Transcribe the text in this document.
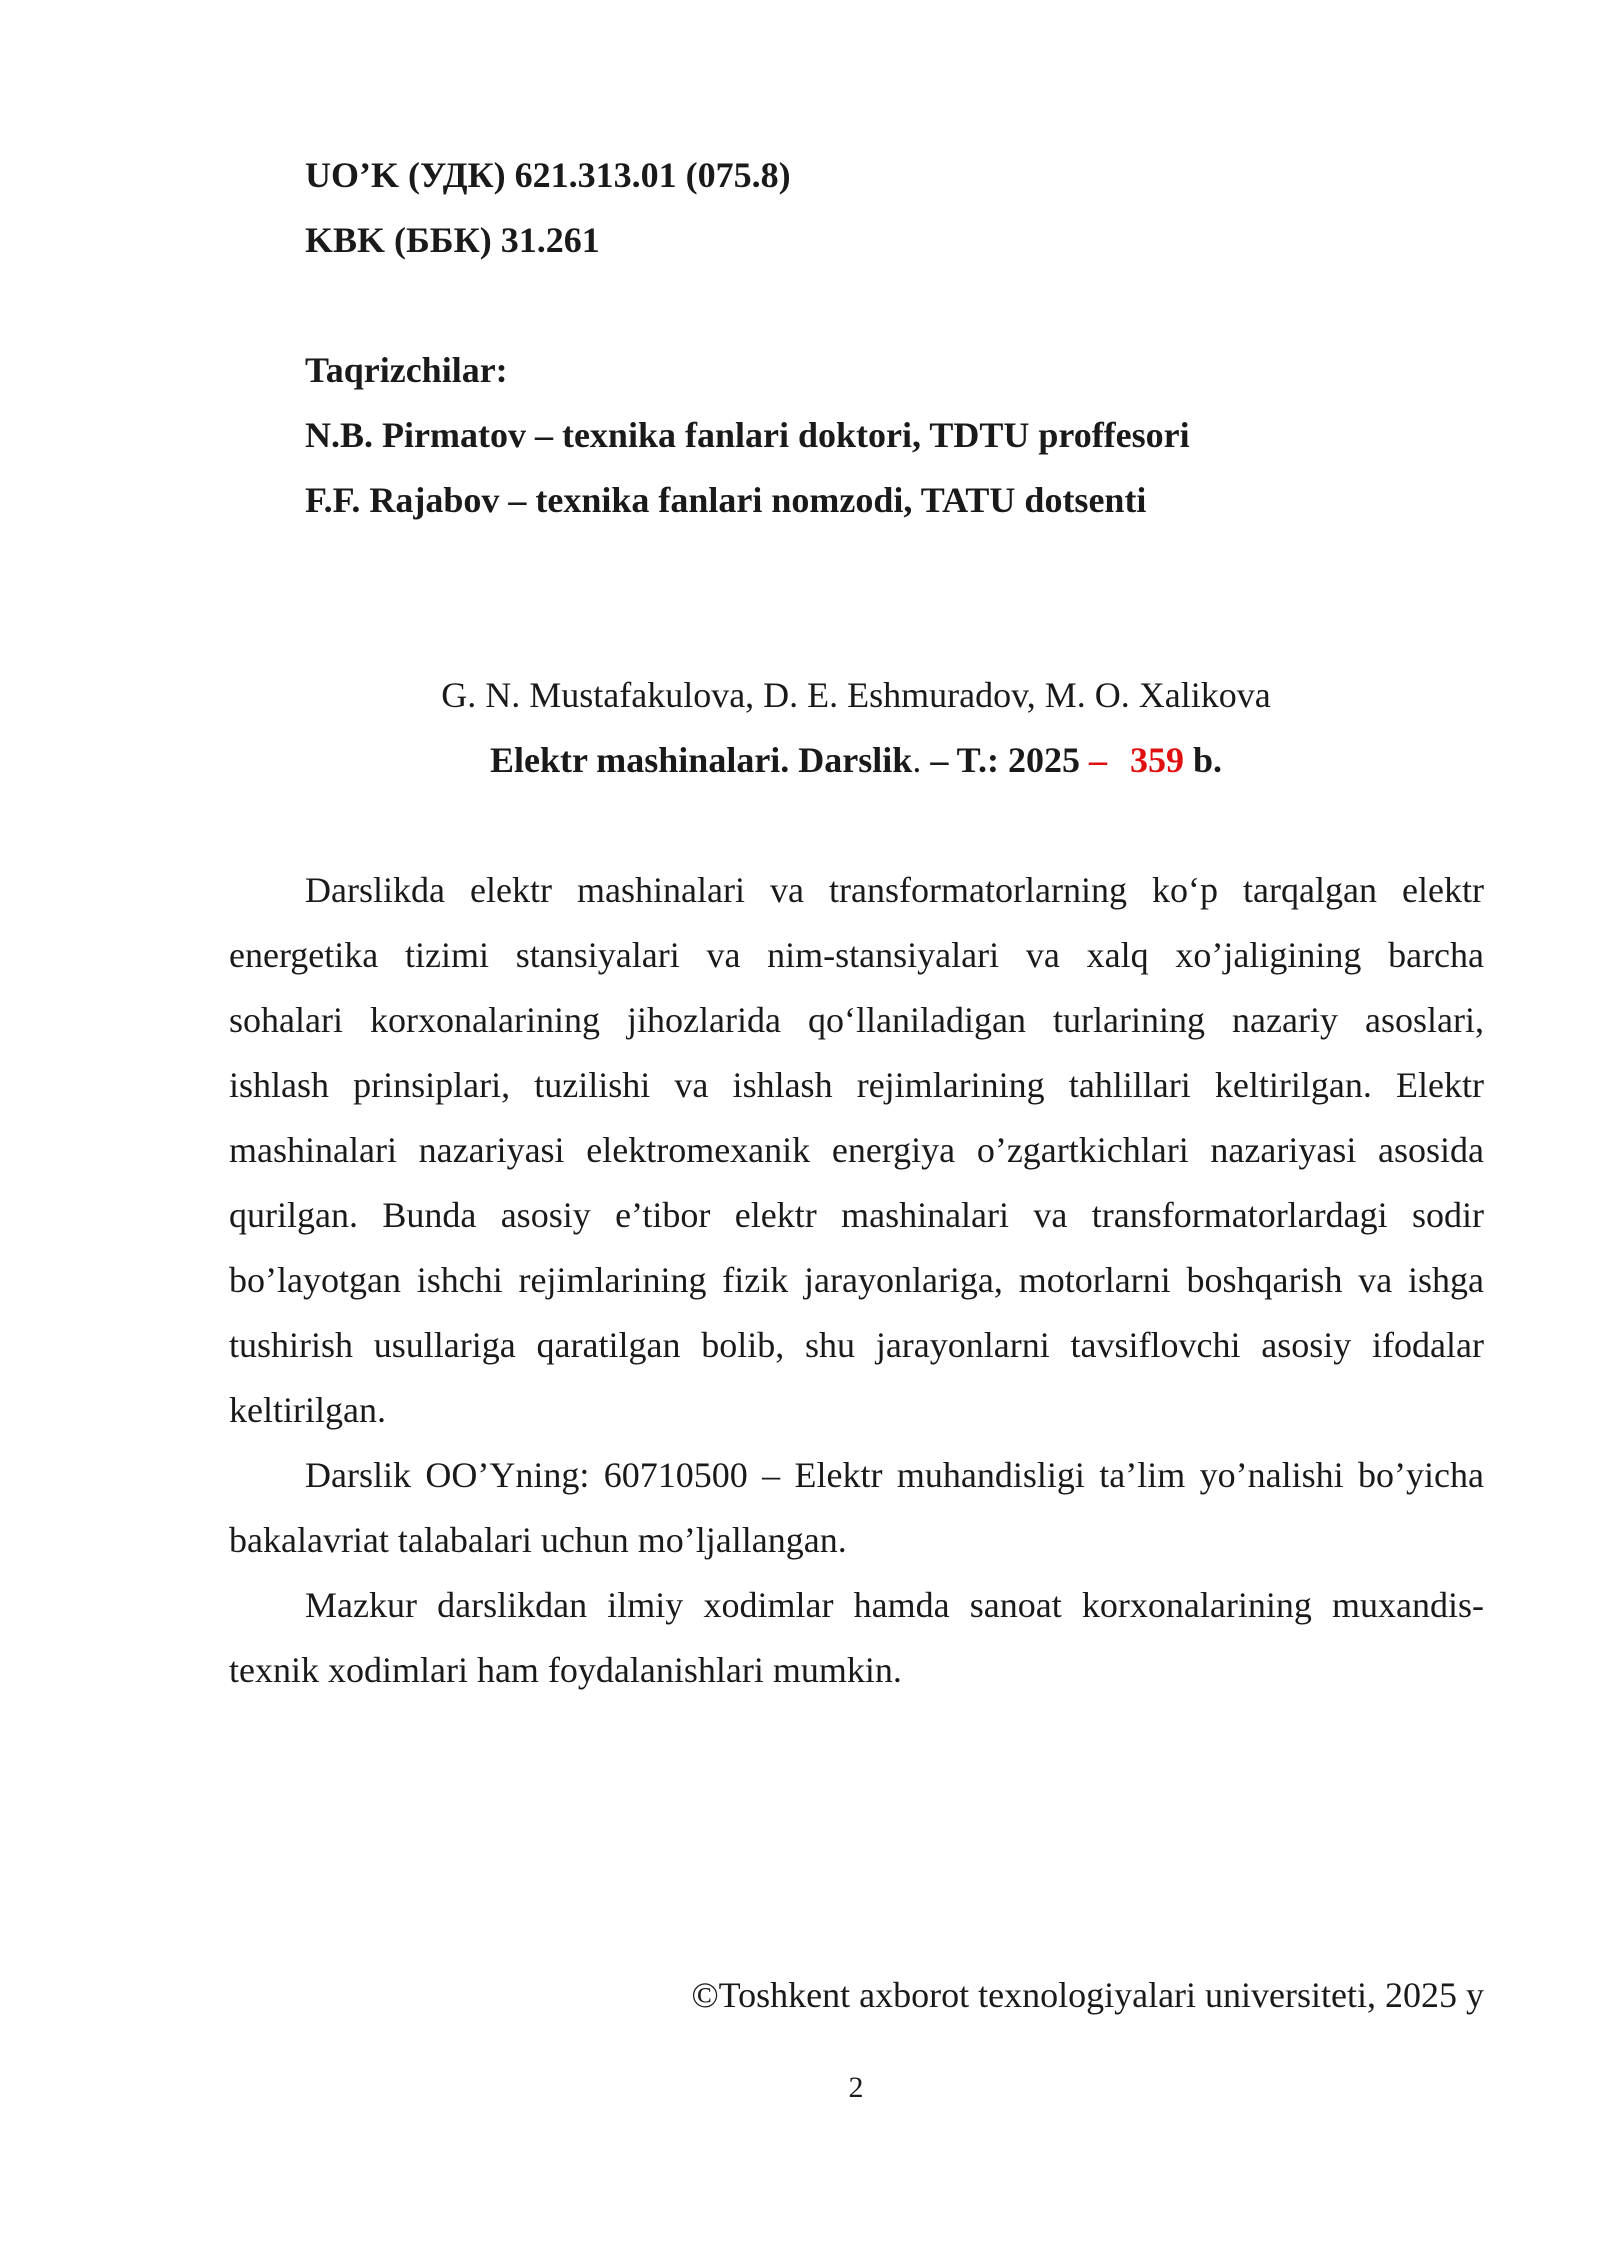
UO’K (УДК) 621.313.01 (075.8)
KBK (ББК) 31.261
Taqrizchilar:
N.B. Pirmatov – texnika fanlari doktori, TDTU proffesori
F.F. Rajabov – texnika fanlari nomzodi, TATU dotsenti
G. N. Mustafakulova, D. E. Eshmuradov, M. O. Xalikova
Elektr mashinalari. Darslik. – T.: 2025 – 359 b.
Darslikda elektr mashinalari va transformatorlarning ko‘p tarqalgan elektr
energetika tizimi stansiyalari va nim-stansiyalari va xalq xo’jaligining barcha
sohalari korxonalarining jihozlarida qo‘llaniladigan turlarining nazariy asoslari,
ishlash prinsiplari, tuzilishi va ishlash rejimlarining tahlillari keltirilgan. Elektr
mashinalari nazariyasi elektromexanik energiya o’zgartkichlari nazariyasi asosida
qurilgan. Bunda asosiy e’tibor elektr mashinalari va transformatorlardagi sodir
bo’layotgan ishchi rejimlarining fizik jarayonlariga, motorlarni boshqarish va ishga
tushirish usullariga qaratilgan bolib, shu jarayonlarni tavsiflovchi asosiy ifodalar
keltirilgan.
Darslik OO’Yning: 60710500 – Elektr muhandisligi ta’lim yo’nalishi bo’yicha
bakalavriat talabalari uchun mo’ljallangan.
Mazkur darslikdan ilmiy xodimlar hamda sanoat korxonalarining muxandis-
texnik xodimlari ham foydalanishlari mumkin.
©Toshkent axborot texnologiyalari universiteti, 2025 y
2
